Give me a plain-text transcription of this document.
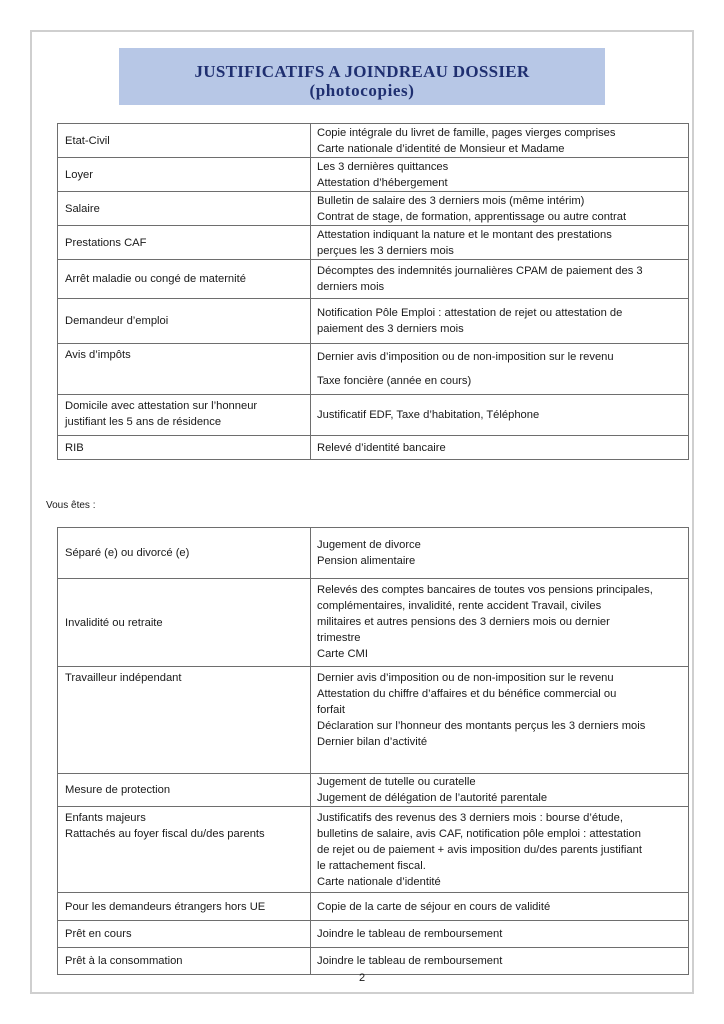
JUSTIFICATIFS A JOINDREAU DOSSIER
(photocopies)
Etat-Civil	Copie intégrale du livret de famille, pages vierges comprises
Carte nationale d’identité de Monsieur et Madame

Loyer	Les 3 dernières quittances
Attestation d’hébergement

Salaire	Bulletin de salaire des 3 derniers mois (même intérim)
Contrat de stage, de formation, apprentissage ou autre contrat

Prestations CAF	Attestation indiquant la nature et le montant des prestations
perçues les 3 derniers mois

Arrêt maladie ou congé de maternité	Décomptes des indemnités journalières CPAM de paiement des 3
derniers mois

Demandeur d’emploi	Notification Pôle Emploi : attestation de rejet ou attestation de
paiement des 3 derniers mois

Avis d’impôts	Dernier avis d’imposition ou de non-imposition sur le revenu
Taxe foncière (année en cours)

Domicile avec attestation sur l’honneur
justifiant les 5 ans de résidence	Justificatif EDF, Taxe d’habitation, Téléphone

RIB	Relevé d’identité bancaire
Vous êtes :
Séparé (e) ou divorcé (e)	Jugement de divorce
Pension alimentaire

Invalidité ou retraite	Relevés des comptes bancaires de toutes vos pensions principales,
complémentaires, invalidité, rente accident Travail, civiles
militaires et autres pensions des 3 derniers mois ou dernier
trimestre
Carte CMI

Travailleur indépendant	Dernier avis d’imposition ou de non-imposition sur le revenu
Attestation du chiffre d’affaires et du bénéfice commercial ou
forfait
Déclaration sur l’honneur des montants perçus les 3 derniers mois
Dernier bilan d’activité

Mesure de protection	Jugement de tutelle ou curatelle
Jugement de délégation de l’autorité parentale

Enfants majeurs
Rattachés au foyer fiscal du/des parents	Justificatifs des revenus des 3 derniers mois : bourse d’étude,
bulletins de salaire, avis CAF, notification pôle emploi : attestation
de rejet ou de paiement + avis imposition du/des parents justifiant
le rattachement fiscal.
Carte nationale d’identité

Pour les demandeurs étrangers hors UE	Copie de la carte de séjour en cours de validité

Prêt en cours	Joindre le tableau de remboursement

Prêt à la consommation	Joindre le tableau de remboursement
2
